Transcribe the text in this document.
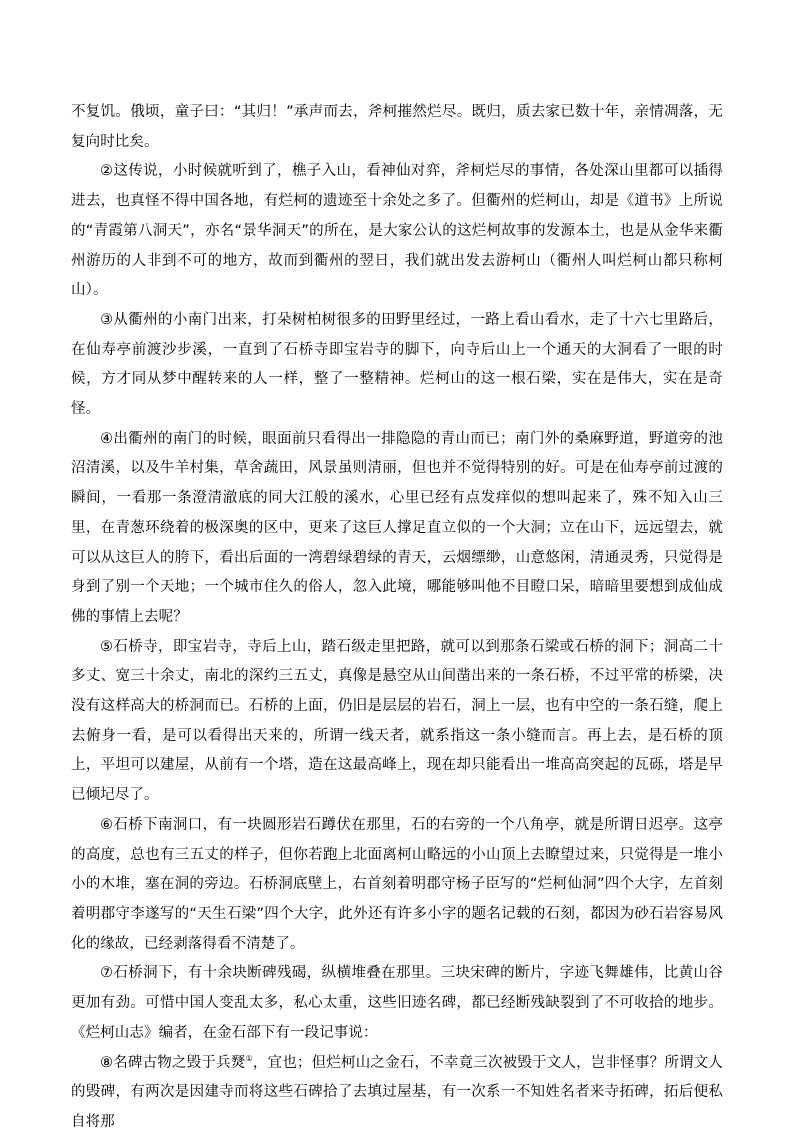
不复饥。俄顷，童子曰：“其归！”承声而去，斧柯摧然烂尽。既归，质去家已数十年，亲情凋落，无复向时比矣。

②这传说，小时候就听到了，樵子入山，看神仙对弈，斧柯烂尽的事情，各处深山里都可以插得进去，也真怪不得中国各地，有烂柯的遗迹至十余处之多了。但衢州的烂柯山，却是《道书》上所说的“青霞第八洞天”，亦名“景华洞天”的所在，是大家公认的这烂柯故事的发源本土，也是从金华来衢州游历的人非到不可的地方，故而到衢州的翌日，我们就出发去游柯山（衢州人叫烂柯山都只称柯山）。

③从衢州的小南门出来，打朵树柏树很多的田野里经过，一路上看山看水，走了十六七里路后，在仙寿亭前渡沙步溪，一直到了石桥寺即宝岩寺的脚下，向寺后山上一个通天的大洞看了一眼的时候，方才同从梦中醒转来的人一样，整了一整精神。烂柯山的这一根石梁，实在是伟大，实在是奇怪。

④出衢州的南门的时候，眼面前只看得出一排隐隐的青山而已；南门外的桑麻野道，野道旁的池沼清溪，以及牛羊村集，草舍蔬田，风景虽则清丽，但也并不觉得特别的好。可是在仙寿亭前过渡的瞬间，一看那一条澄清澈底的同大江般的溪水，心里已经有点发痒似的想叫起来了，殊不知入山三里，在青葱环绕着的极深奥的区中，更来了这巨人撑足直立似的一个大洞；立在山下，远远望去，就可以从这巨人的胯下，看出后面的一湾碧绿碧绿的青天，云烟缥缈，山意悠闲，清通灵秀，只觉得是身到了别一个天地；一个城市住久的俗人，忽入此境，哪能够叫他不目瞪口呆，暗暗里要想到成仙成佛的事情上去呢？

⑤石桥寺，即宝岩寺，寺后上山，踏石级走里把路，就可以到那条石梁或石桥的洞下；洞高二十多丈、宽三十余丈，南北的深约三五丈，真像是悬空从山间凿出来的一条石桥，不过平常的桥梁，决没有这样高大的桥洞而已。石桥的上面，仍旧是层层的岩石，洞上一层，也有中空的一条石缝，爬上去俯身一看，是可以看得出天来的，所谓一线天者，就系指这一条小缝而言。再上去，是石桥的顶上，平坦可以建屋，从前有一个塔，造在这最高峰上，现在却只能看出一堆高高突起的瓦砾，塔是早已倾圮尽了。

⑥石桥下南洞口，有一块圆形岩石蹲伏在那里，石的右旁的一个八角亭，就是所谓日迟亭。这亭的高度，总也有三五丈的样子，但你若跑上北面离柯山略远的小山顶上去瞭望过来，只觉得是一堆小小的木堆，塞在洞的旁边。石桥洞底壁上，右首刻着明郡守杨子臣写的“烂柯仙洞”四个大字，左首刻着明郡守李遂写的“天生石梁”四个大字，此外还有许多小字的题名记载的石刻，都因为砂石岩容易风化的缘故，已经剥落得看不清楚了。

⑦石桥洞下，有十余块断碑残碣，纵横堆叠在那里。三块宋碑的断片，字迹飞舞雄伟，比黄山谷更加有劲。可惜中国人变乱太多，私心太重，这些旧迹名碑，都已经断残缺裂到了不可收拾的地步。《烂柯山志》编者，在金石部下有一段记事说：

⑧名碑古物之毁于兵燹①，宜也；但烂柯山之金石，不幸竟三次被毁于文人，岂非怪事？所谓文人的毁碑，有两次是因建寺而将这些石碑拾了去填过屋基，有一次系一不知姓名者来寺拓碑，拓后便私自将那
